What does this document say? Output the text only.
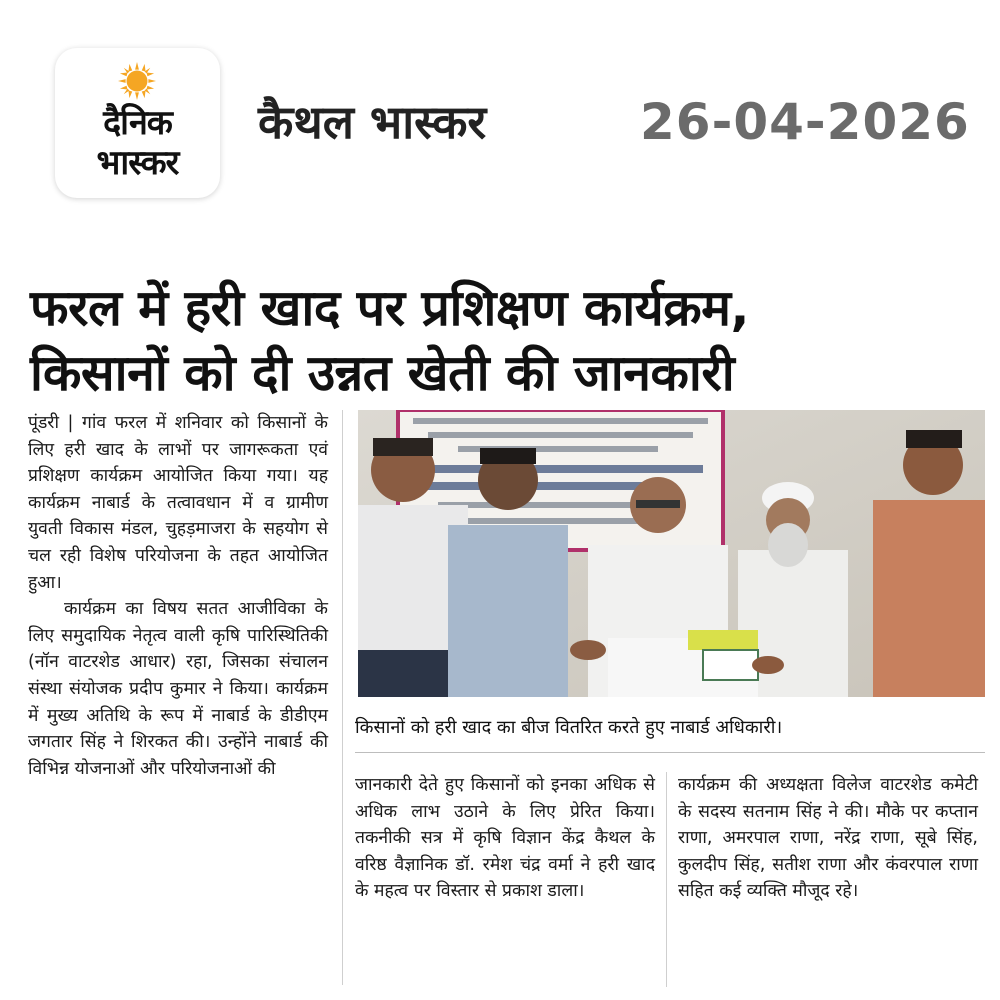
दैनिक
भास्कर
कैथल भास्कर	26-04-2026
फरल में हरी खाद पर प्रशिक्षण कार्यक्रम,
किसानों को दी उन्नत खेती की जानकारी

पूंडरी | गांव फरल में शनिवार को किसानों के लिए हरी खाद के लाभों पर जागरूकता एवं प्रशिक्षण कार्यक्रम आयोजित किया गया। यह कार्यक्रम नाबार्ड के तत्वावधान में व ग्रामीण युवती विकास मंडल, चुहड़माजरा के सहयोग से चल रही विशेष परियोजना के तहत आयोजित हुआ।

कार्यक्रम का विषय सतत आजीविका के लिए समुदायिक नेतृत्व वाली कृषि पारिस्थितिकी (नॉन वाटरशेड आधार) रहा, जिसका संचालन संस्था संयोजक प्रदीप कुमार ने किया। कार्यक्रम में मुख्य अतिथि के रूप में नाबार्ड के डीडीएम जगतार सिंह ने शिरकत की। उन्होंने नाबार्ड की विभिन्न योजनाओं और परियोजनाओं की

किसानों को हरी खाद का बीज वितरित करते हुए नाबार्ड अधिकारी।

जानकारी देते हुए किसानों को इनका अधिक से अधिक लाभ उठाने के लिए प्रेरित किया। तकनीकी सत्र में कृषि विज्ञान केंद्र कैथल के वरिष्ठ वैज्ञानिक डॉ. रमेश चंद्र वर्मा ने हरी खाद के महत्व पर विस्तार से प्रकाश डाला।

कार्यक्रम की अध्यक्षता विलेज वाटरशेड कमेटी के सदस्य सतनाम सिंह ने की। मौके पर कप्तान राणा, अमरपाल राणा, नरेंद्र राणा, सूबे सिंह, कुलदीप सिंह, सतीश राणा और कंवरपाल राणा सहित कई व्यक्ति मौजूद रहे।
